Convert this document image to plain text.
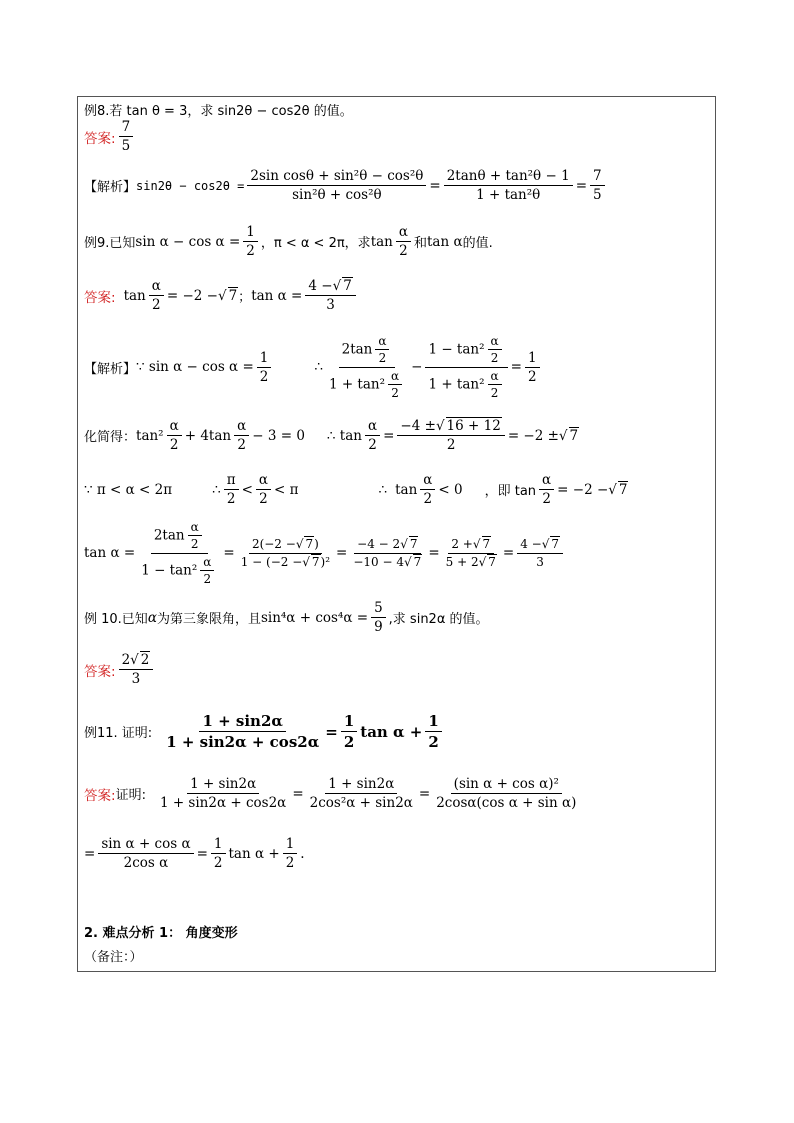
例8.若 tan θ = 3，求 sin2θ − cos2θ 的值。
答案: $\frac{7}{5}$
【解析】 $\sin 2\theta - \cos 2\theta = \frac{\text{2sin cosθ + sin²θ − cos²θ}}{\text{sin²θ + cos²θ}} = \frac{\text{2tanθ + tan²θ − 1}}{\text{1 + tan²θ}} = \frac{7}{5}$
例9.已知 $\sin \alpha - \cos \alpha = \frac{1}{2}$ ，π < α < 2π，求 $\tan \frac{\alpha}{2}$ 和 tan α 的值.
答案: $\tan \frac{\alpha}{2} = -2$ − √ 7 ； $\tan \alpha = \frac{4 - √ 7}{3}$
【解析】 ∵ $\sin \alpha - \cos \alpha = \frac{1}{2}$	∴ $\frac{2\tan \frac{\alpha}{2}}{1 + \tan^2 \frac{\alpha}{2}} - \frac{1 - \tan^2 \frac{\alpha}{2}}{1 + \tan^2 \frac{\alpha}{2}} = \frac{1}{2}$
化简得： $\tan^2 \frac{\alpha}{2} + 4\tan \frac{\alpha}{2} - 3 = 0$ ∴ $\tan \frac{\alpha}{2} = \frac{-4 \pm √ 16 + 12}{2} = -2$ ± √ 7
∵ π < α < 2π	∴ $\frac{\pi}{2} < \frac{\alpha}{2} < \pi$	∴ $\tan \frac{\alpha}{2} < 0$ ，即 $\tan \frac{\alpha}{2} = -2$ − √ 7
$\tan \alpha = \frac{2\tan \frac{\alpha}{2}}{1 - \tan^2 \frac{\alpha}{2}} = \frac{2(-2 - √ 7)}{\text{1 − (−2 − √ 7)²}} = \frac{-4 - 2 √ 7}{-10 - 4 √ 7} = \frac{2 + √ 7}{5 + 2 √ 7} = \frac{4 - √ 7}{3}$
例 10.已知 α 为第三象限角，且 $\sin^4\alpha + \cos^4\alpha = \frac{5}{9}$ ,求 sin2α 的值。
答案: $\frac{2 √ 2}{3}$
例11. 证明: $\frac{1 + \sin 2\alpha}{1 + \sin 2\alpha + \cos 2\alpha} = \frac{1}{2}$ $\tan \alpha + \frac{1}{2}$
答案: 证明: $\frac{1 + \sin 2\alpha}{1 + \sin 2\alpha + \cos 2\alpha} = \frac{1 + \sin 2\alpha}{\text{2cos²α + sin2α}} = \frac{\text{(sin α + cos α)²}}{\text{2cosα(cos α + sin α)}}$
= $\frac{\text{sin α + cos α}}{\text{2cos α}} = \frac{1}{2}$ $\tan \alpha + \frac{1}{2}$ .
2. 难点分析 1： 角度变形
（备注：）
